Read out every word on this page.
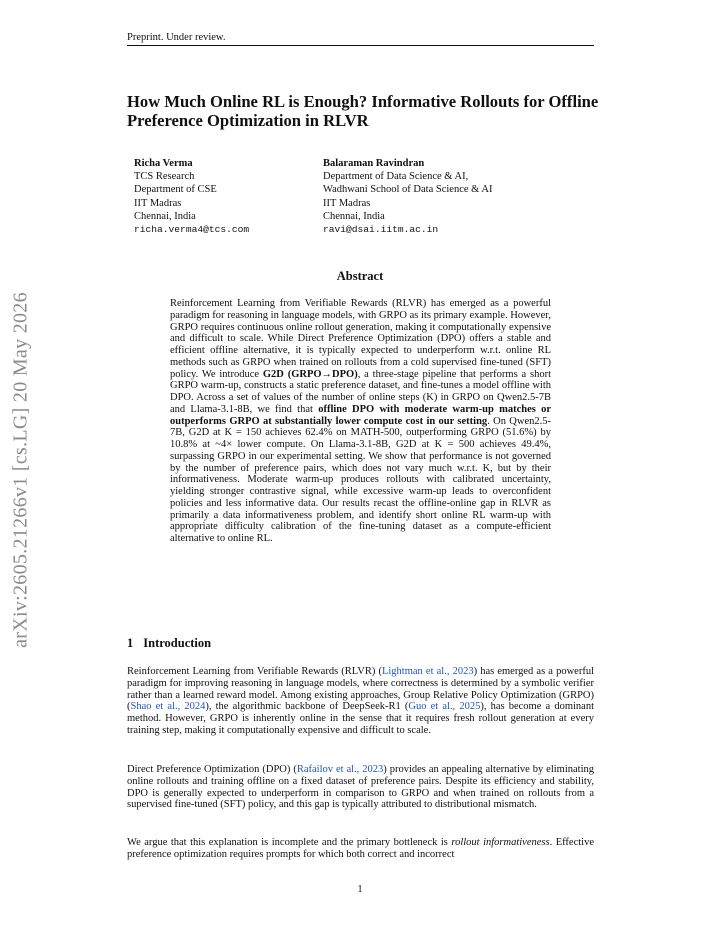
Preprint. Under review.
How Much Online RL is Enough? Informative Rollouts for Offline Preference Optimization in RLVR
Richa Verma
TCS Research
Department of CSE
IIT Madras
Chennai, India
richa.verma4@tcs.com
Balaraman Ravindran
Department of Data Science & AI,
Wadhwani School of Data Science & AI
IIT Madras
Chennai, India
ravi@dsai.iitm.ac.in
Abstract
Reinforcement Learning from Verifiable Rewards (RLVR) has emerged as a powerful paradigm for reasoning in language models, with GRPO as its primary example. However, GRPO requires continuous online rollout generation, making it computationally expensive and difficult to scale. While Direct Preference Optimization (DPO) offers a stable and efficient offline alternative, it is typically expected to underperform w.r.t. online RL methods such as GRPO when trained on rollouts from a cold supervised fine-tuned (SFT) policy. We introduce G2D (GRPO→DPO), a three-stage pipeline that performs a short GRPO warm-up, constructs a static preference dataset, and fine-tunes a model offline with DPO. Across a set of values of the number of online steps (K) in GRPO on Qwen2.5-7B and Llama-3.1-8B, we find that offline DPO with moderate warm-up matches or outperforms GRPO at substantially lower compute cost in our setting. On Qwen2.5-7B, G2D at K = 150 achieves 62.4% on MATH-500, outperforming GRPO (51.6%) by 10.8% at ~4× lower compute. On Llama-3.1-8B, G2D at K = 500 achieves 49.4%, surpassing GRPO in our experimental setting. We show that performance is not governed by the number of preference pairs, which does not vary much w.r.t. K, but by their informativeness. Moderate warm-up produces rollouts with calibrated uncertainty, yielding stronger contrastive signal, while excessive warm-up leads to overconfident policies and less informative data. Our results recast the offline-online gap in RLVR as primarily a data informativeness problem, and identify short online RL warm-up with appropriate difficulty calibration of the fine-tuning dataset as a compute-efficient alternative to online RL.
1 Introduction
Reinforcement Learning from Verifiable Rewards (RLVR) (Lightman et al., 2023) has emerged as a powerful paradigm for improving reasoning in language models, where correctness is determined by a symbolic verifier rather than a learned reward model. Among existing approaches, Group Relative Policy Optimization (GRPO) (Shao et al., 2024), the algorithmic backbone of DeepSeek-R1 (Guo et al., 2025), has become a dominant method. However, GRPO is inherently online in the sense that it requires fresh rollout generation at every training step, making it computationally expensive and difficult to scale.
Direct Preference Optimization (DPO) (Rafailov et al., 2023) provides an appealing alternative by eliminating online rollouts and training offline on a fixed dataset of preference pairs. Despite its efficiency and stability, DPO is generally expected to underperform in comparison to GRPO and when trained on rollouts from a supervised fine-tuned (SFT) policy, and this gap is typically attributed to distributional mismatch.
We argue that this explanation is incomplete and the primary bottleneck is rollout informativeness. Effective preference optimization requires prompts for which both correct and incorrect
arXiv:2605.21266v1 [cs.LG] 20 May 2026
1
